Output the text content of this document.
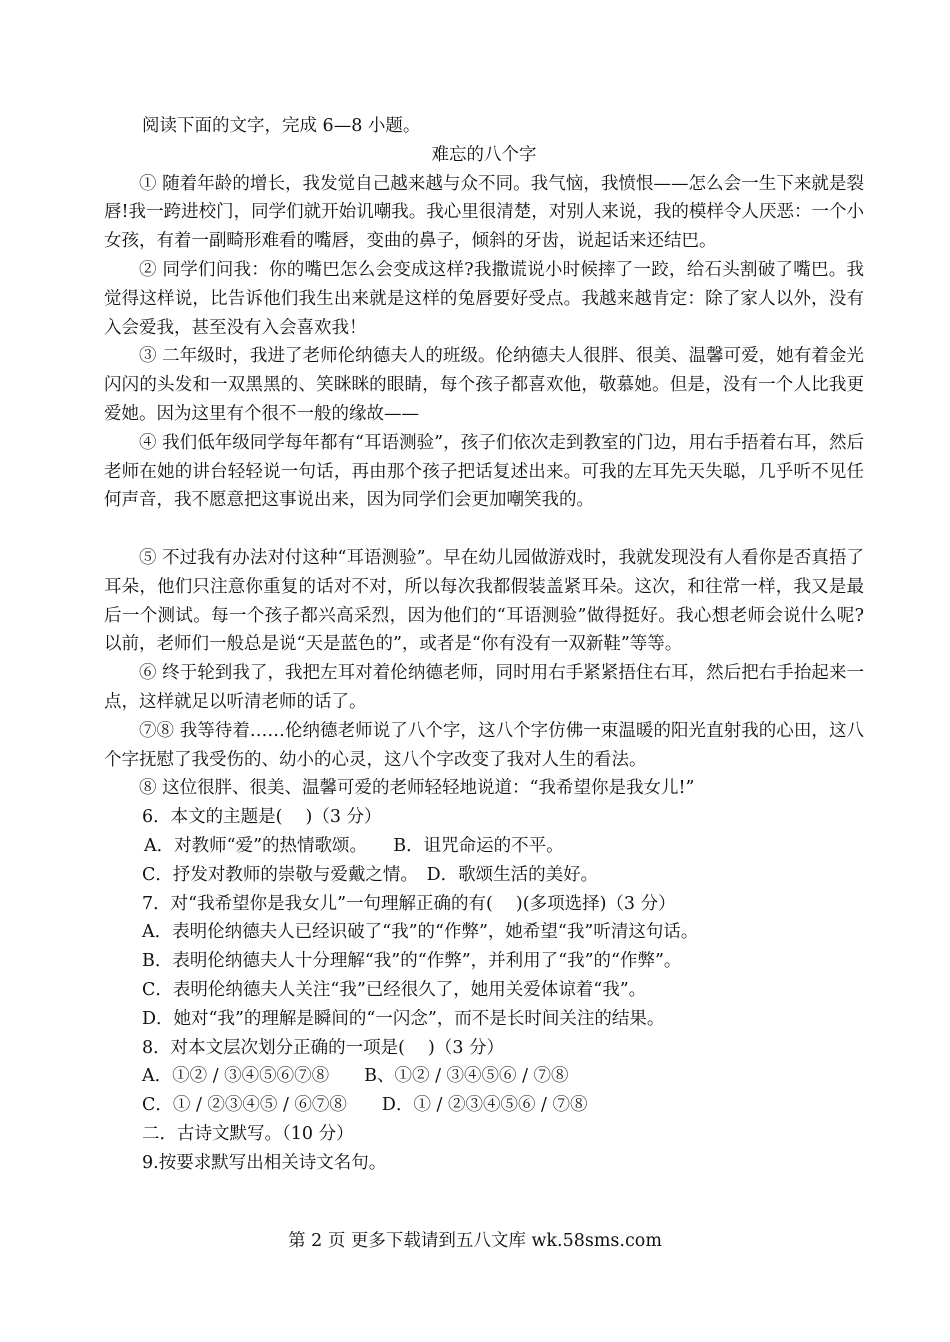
阅读下面的文字，完成 6—8 小题。
难忘的八个字

① 随着年龄的增长，我发觉自己越来越与众不同。我气恼，我愤恨——怎么会一生下来就是裂唇!我一跨进校门，同学们就开始讥嘲我。我心里很清楚，对别人来说，我的模样令人厌恶：一个小女孩，有着一副畸形难看的嘴唇，变曲的鼻子，倾斜的牙齿，说起话来还结巴。

② 同学们问我：你的嘴巴怎么会变成这样?我撒谎说小时候摔了一跤，给石头割破了嘴巴。我觉得这样说，比告诉他们我生出来就是这样的兔唇要好受点。我越来越肯定：除了家人以外，没有入会爱我，甚至没有入会喜欢我！

③ 二年级时，我进了老师伦纳德夫人的班级。伦纳德夫人很胖、很美、温馨可爱，她有着金光闪闪的头发和一双黑黑的、笑眯眯的眼睛，每个孩子都喜欢他，敬慕她。但是，没有一个人比我更爱她。因为这里有个很不一般的缘故——

④ 我们低年级同学每年都有“耳语测验”，孩子们依次走到教室的门边，用右手捂着右耳，然后老师在她的讲台轻轻说一句话，再由那个孩子把话复述出来。可我的左耳先天失聪，几乎听不见任何声音，我不愿意把这事说出来，因为同学们会更加嘲笑我的。

⑤ 不过我有办法对付这种“耳语测验”。早在幼儿园做游戏时，我就发现没有人看你是否真捂了耳朵，他们只注意你重复的话对不对，所以每次我都假装盖紧耳朵。这次，和往常一样，我又是最后一个测试。每一个孩子都兴高采烈，因为他们的“耳语测验”做得挺好。我心想老师会说什么呢?以前，老师们一般总是说“天是蓝色的”，或者是“你有没有一双新鞋”等等。

⑥ 终于轮到我了，我把左耳对着伦纳德老师，同时用右手紧紧捂住右耳，然后把右手抬起来一点，这样就足以听清老师的话了。

⑦⑧ 我等待着……伦纳德老师说了八个字，这八个字仿佛一束温暖的阳光直射我的心田，这八个字抚慰了我受伤的、幼小的心灵，这八个字改变了我对人生的看法。

⑧ 这位很胖、很美、温馨可爱的老师轻轻地说道：“我希望你是我女儿!”

6．本文的主题是(　 )（3 分）
A．对教师“爱”的热情歌颂。　　B．诅咒命运的不平。
C．抒发对教师的崇敬与爱戴之情。　D．歌颂生活的美好。
7．对“我希望你是我女儿”一句理解正确的有(　 )(多项选择)（3 分）
A．表明伦纳德夫人已经识破了“我”的“作弊”，她希望“我”听清这句话。
B．表明伦纳德夫人十分理解“我”的“作弊”，并利用了“我”的“作弊”。
C．表明伦纳德夫人关注“我”已经很久了，她用关爱体谅着“我”。
D．她对“我”的理解是瞬间的“一闪念”，而不是长时间关注的结果。
8．对本文层次划分正确的一项是(　 )（3 分）
A．①② / ③④⑤⑥⑦⑧　　B、①② / ③④⑤⑥ / ⑦⑧
C．① / ②③④⑤ / ⑥⑦⑧　　D．① / ②③④⑤⑥ / ⑦⑧
二．古诗文默写。（10 分）
9.按要求默写出相关诗文名句。
第 2 页 更多下载请到五八文库 wk.58sms.com
